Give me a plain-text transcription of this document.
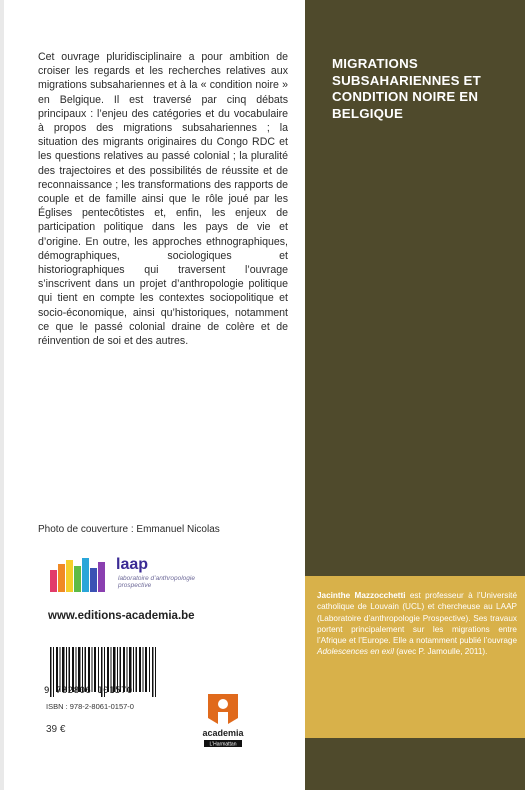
Cet ouvrage pluridisciplinaire a pour ambition de croiser les regards et les recherches relatives aux migrations subsahariennes et à la « condition noire » en Belgique. Il est traversé par cinq débats principaux : l’enjeu des catégories et du vocabulaire à propos des migrations subsahariennes ; la situation des migrants originaires du Congo RDC et les questions relatives au passé colonial ; la pluralité des trajectoires et des possibilités de réussite et de reconnaissance ; les transformations des rapports de couple et de famille ainsi que le rôle joué par les Églises pentecôtistes et, enfin, les enjeux de participation politique dans les pays de vie et d’origine. En outre, les approches ethnographiques, démographiques, sociologiques et historiographiques qui traversent l’ouvrage s’inscrivent dans un projet d’anthropologie politique qui tient en compte les contextes sociopolitique et socio-économique, ainsi qu’historiques, notamment ce que le passé colonial draine de colère et de réinvention de soi et des autres.
Photo de couverture : Emmanuel Nicolas
laap
laboratoire d’anthropologie prospective
www.editions-academia.be
9 782806 101570
ISBN : 978-2-8061-0157-0
39 €	academia
L’Harmattan
MIGRATIONS SUBSAHARIENNES ET CONDITION NOIRE EN BELGIQUE
Jacinthe Mazzocchetti est professeur à l’Université catholique de Louvain (UCL) et chercheuse au LAAP (Laboratoire d’anthropologie Prospective). Ses travaux portent principalement sur les migrations entre l’Afrique et l’Europe. Elle a notamment publié l’ouvrage Adolescences en exil (avec P. Jamoulle, 2011).
